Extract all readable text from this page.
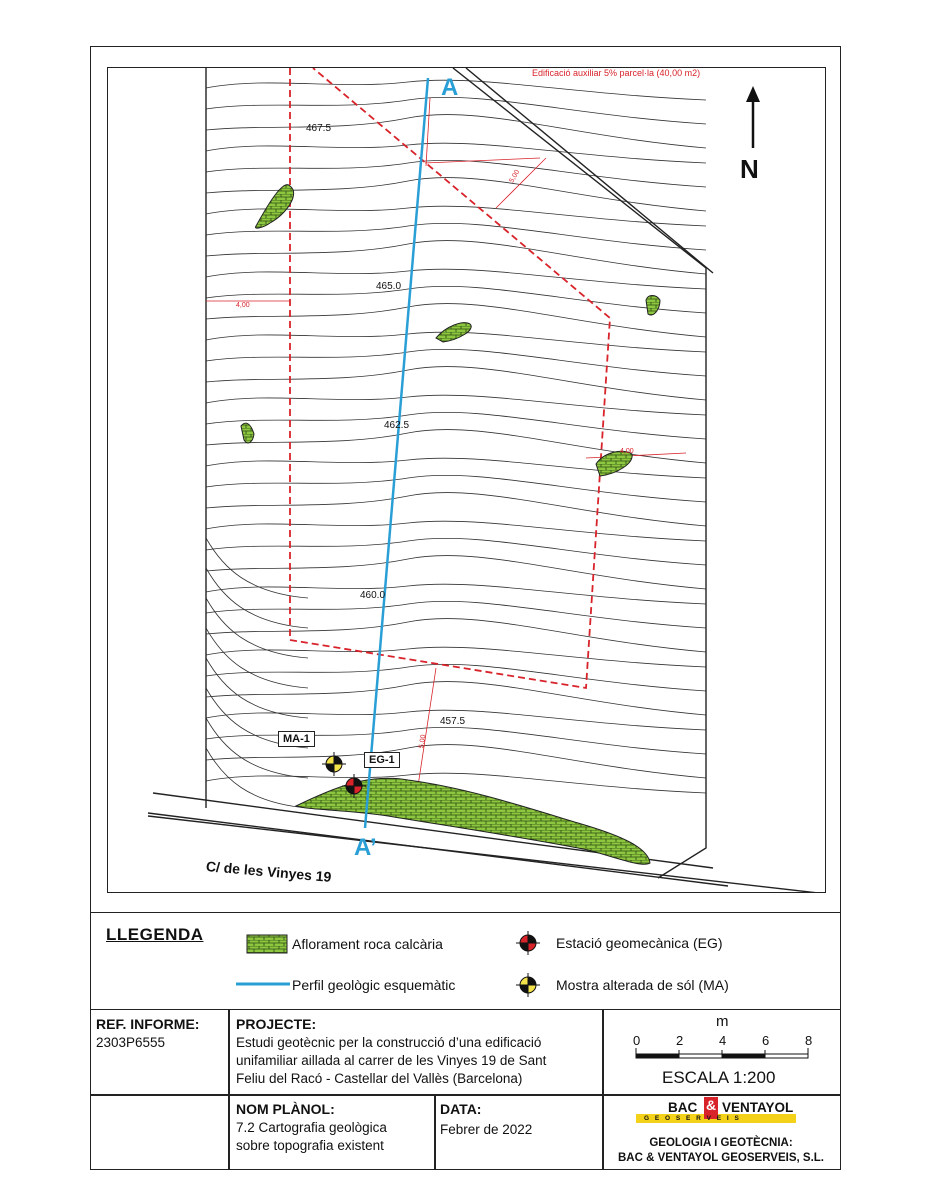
Edificació auxiliar 5% parcel·la (40,00 m2)
N
A
A’
467.5
465.0
462.5
460.0
457.5
4,00
4,00
5,00
5,00
C/ de les Vinyes 19
MA-1
EG-1
LLEGENDA	Aflorament roca calcària
Perfil geològic esquemàtic
Estació geomecànica (EG)
Mostra alterada de sól (MA)
REF. INFORME:
2303P6555
PROJECTE:
Estudi geotècnic per la construcció d’una edificació
unifamiliar aillada al carrer de les Vinyes 19 de Sant
Feliu del Racó - Castellar del Vallès (Barcelona)
NOM PLÀNOL:
7.2 Cartografia geològica
sobre topografia existent
DATA:
Febrer de 2022
m
0	2	4	6	8
ESCALA 1:200
BAC & VENTAYOL
G E O S E R V E I S
GEOLOGIA I GEOTÈCNIA:
BAC & VENTAYOL GEOSERVEIS, S.L.
